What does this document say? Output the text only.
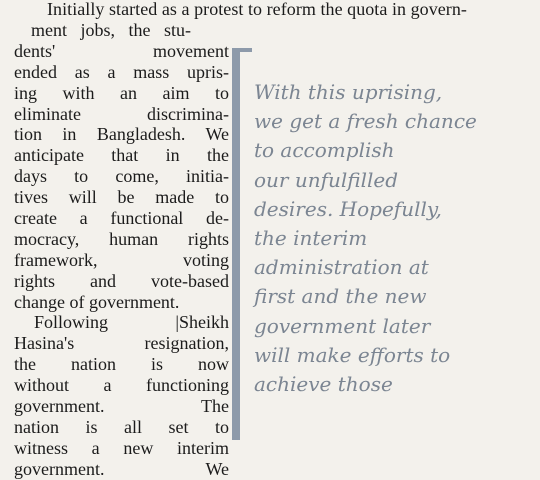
Initially started as a protest to reform the quota in govern-
ment jobs, the stu-
dents' movement
ended as a mass upris-
ing with an aim to
eliminate discrimina-
tion in Bangladesh. We
anticipate that in the
days to come, initia-
tives will be made to
create a functional de-
mocracy, human rights
framework, voting
rights and vote-based
change of government.
Following |Sheikh
Hasina's resignation,
the nation is now
without a functioning
government. The
nation is all set to
witness a new interim
government. We
With this uprising,
we get a fresh chance
to accomplish
our unfulfilled
desires. Hopefully,
the interim
administration at
first and the new
government later
will make efforts to
achieve those
